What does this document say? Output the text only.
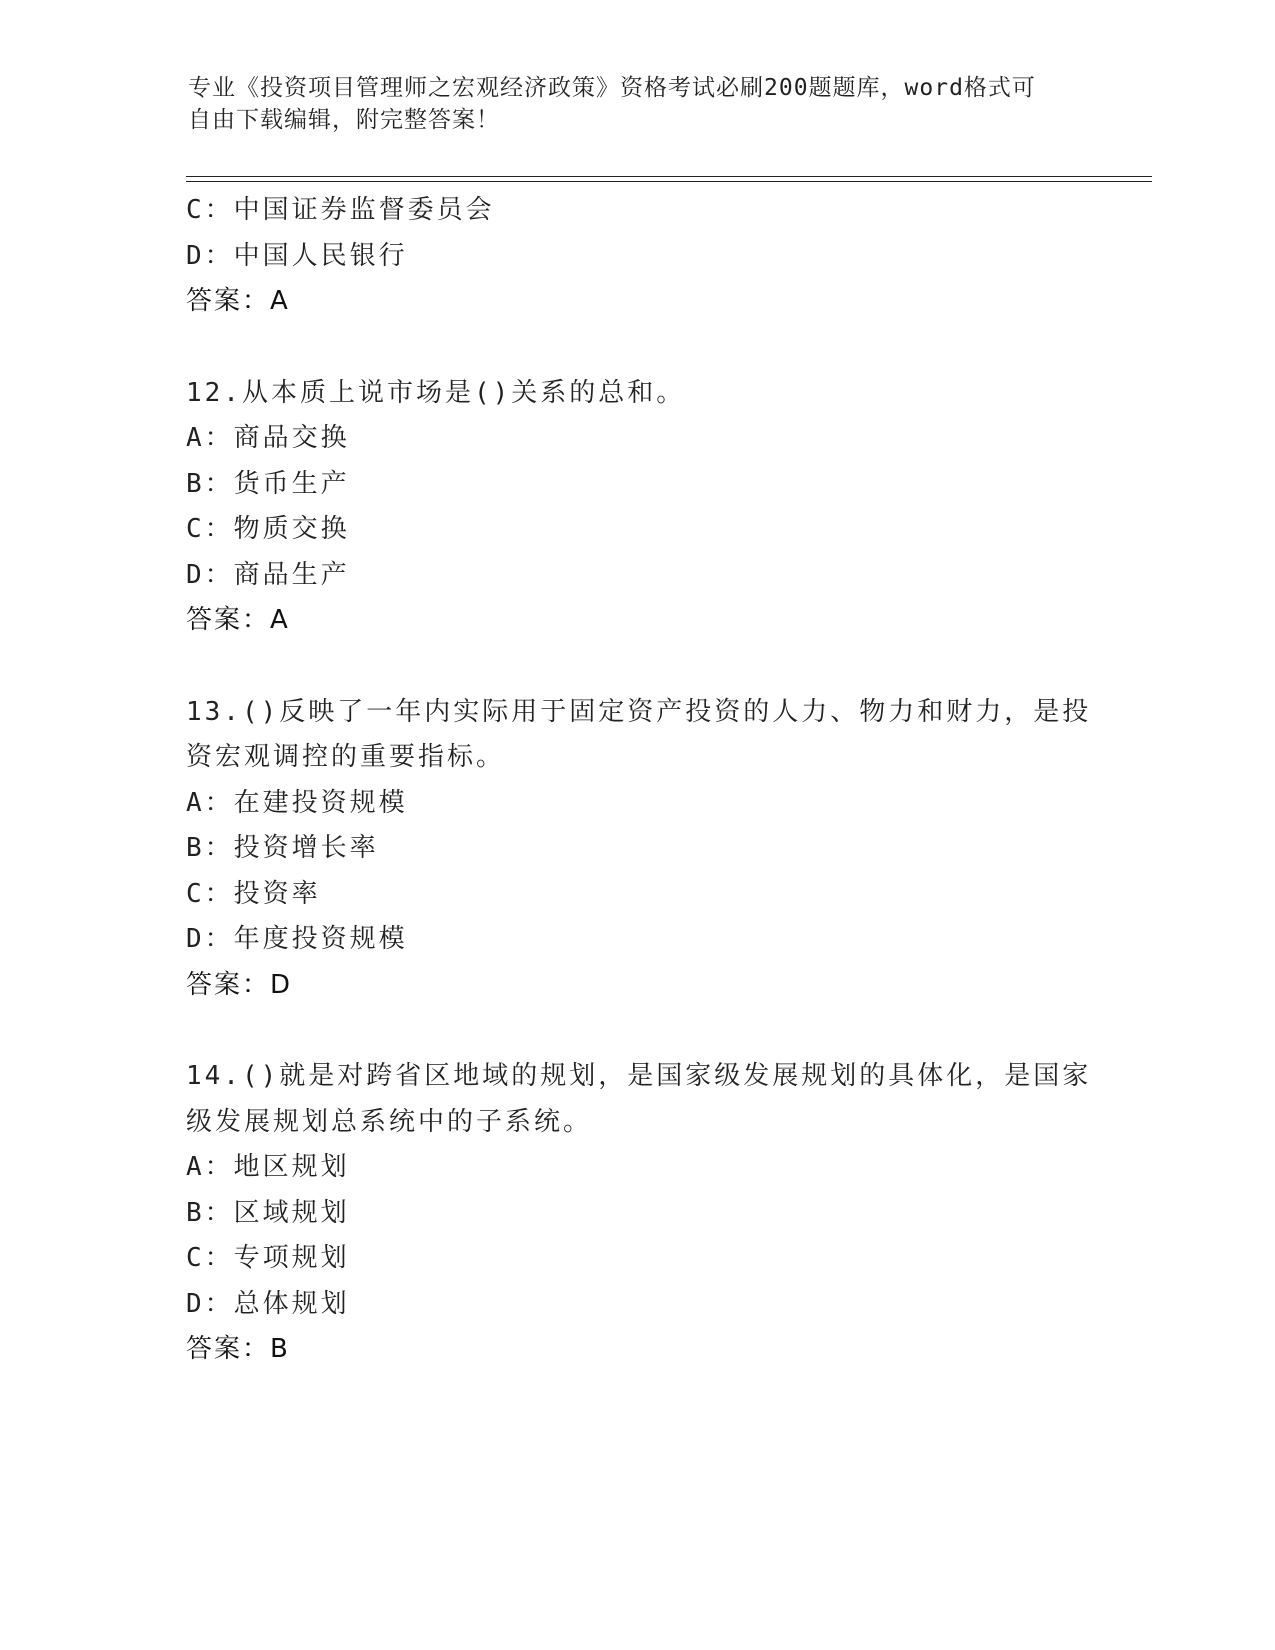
专业《投资项目管理师之宏观经济政策》资格考试必刷200题题库，word格式可
自由下载编辑，附完整答案！
C：中国证券监督委员会
D：中国人民银行
答案：A
12.从本质上说市场是()关系的总和。
A：商品交换
B：货币生产
C：物质交换
D：商品生产
答案：A
13.()反映了一年内实际用于固定资产投资的人力、物力和财力，是投
资宏观调控的重要指标。
A：在建投资规模
B：投资增长率
C：投资率
D：年度投资规模
答案：D
14.()就是对跨省区地域的规划，是国家级发展规划的具体化，是国家
级发展规划总系统中的子系统。
A：地区规划
B：区域规划
C：专项规划
D：总体规划
答案：B
